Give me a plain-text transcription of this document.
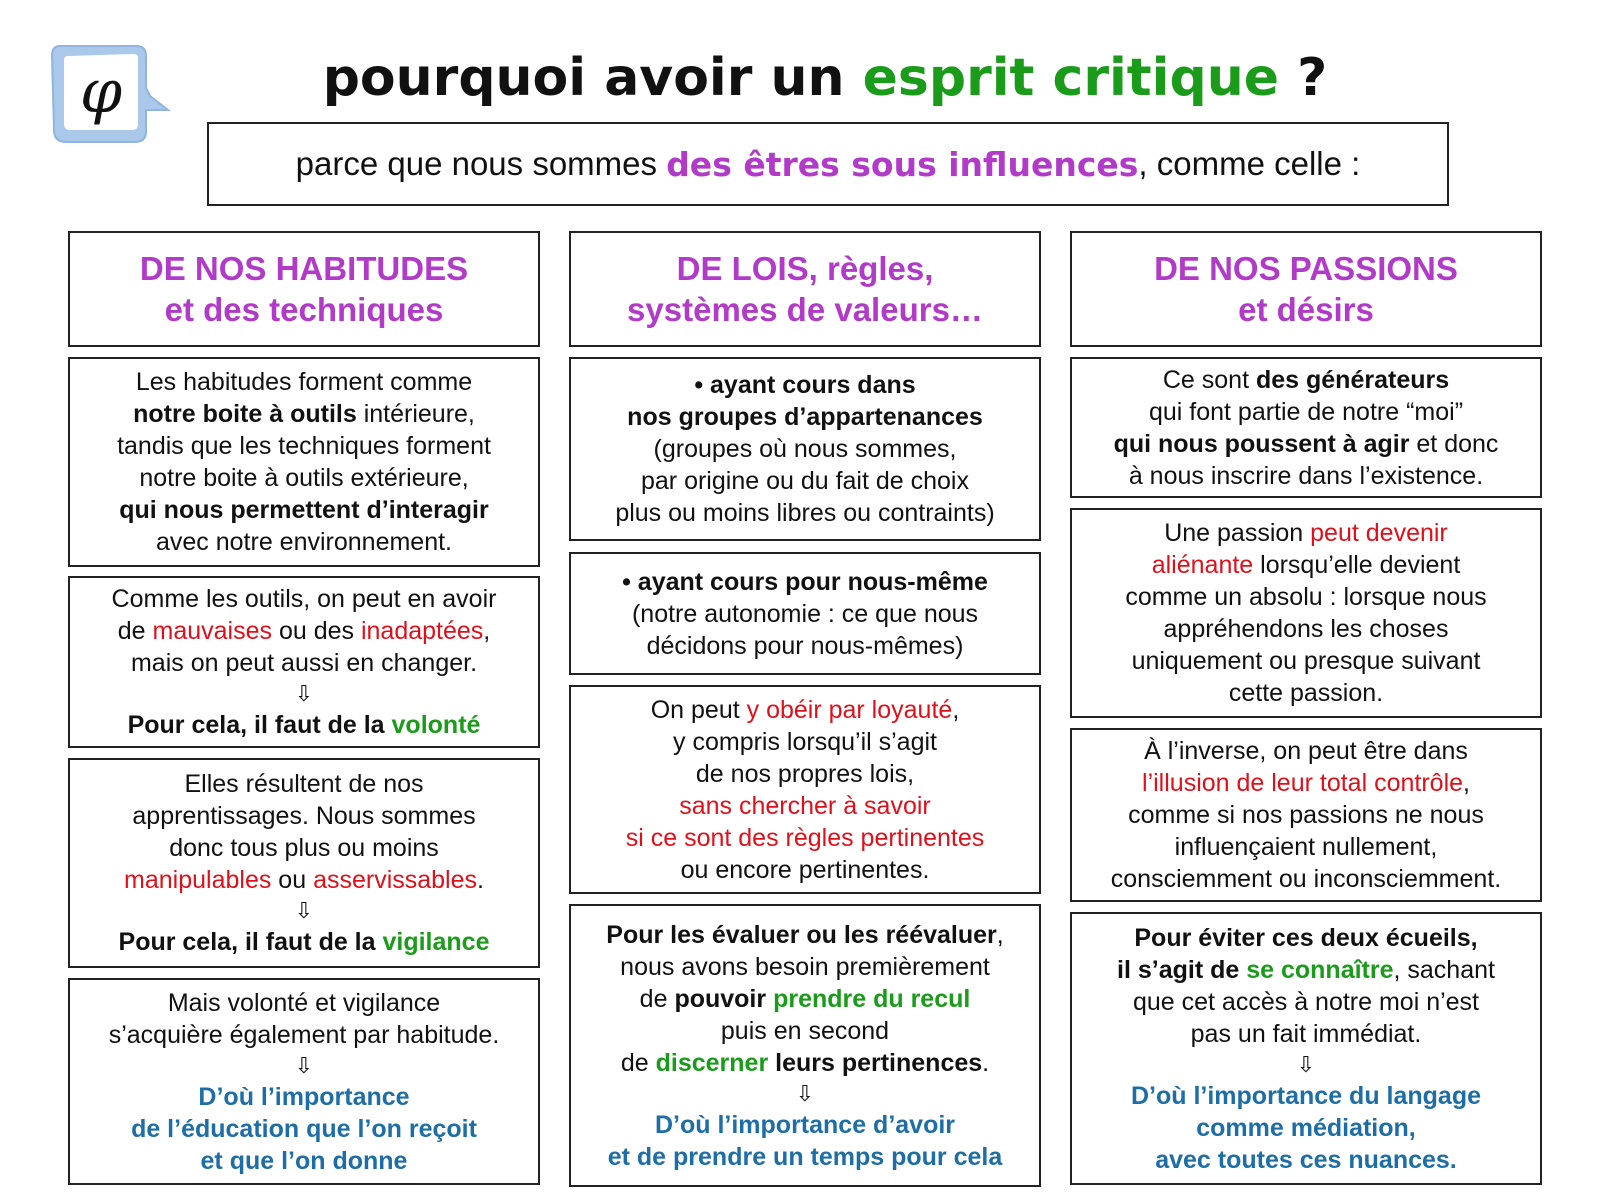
φ	pourquoi avoir un esprit critique ?
parce que nous sommes
des êtres sous influences , comme celle :

DE NOS HABITUDES

et des techniques

Les habitudes forment comme

notre boite à outils intérieure,

tandis que les techniques forment

notre boite à outils extérieure,

qui nous permettent d’interagir

avec notre environnement.

Comme les outils, on peut en avoir

de mauvaises ou des inadaptées,

mais on peut aussi en changer.

⇩

Pour cela, il faut de la volonté

Elles résultent de nos

apprentissages. Nous sommes

donc tous plus ou moins

manipulables ou asservissables.

⇩

Pour cela, il faut de la vigilance

Mais volonté et vigilance

s’acquière également par habitude.

⇩

D’où l’importance

de l’éducation que l’on reçoit

et que l’on donne

DE LOIS, règles,

systèmes de valeurs…

• ayant cours dans

nos groupes d’appartenances

(groupes où nous sommes,

par origine ou du fait de choix

plus ou moins libres ou contraints)

• ayant cours pour nous-même

(notre autonomie : ce que nous

décidons pour nous-mêmes)

On peut y obéir par loyauté,

y compris lorsqu’il s’agit

de nos propres lois,

sans chercher à savoir

si ce sont des règles pertinentes

ou encore pertinentes.

Pour les évaluer ou les réévaluer,

nous avons besoin premièrement

de pouvoir prendre du recul

puis en second

de discerner leurs pertinences.

⇩

D’où l’importance d’avoir

et de prendre un temps pour cela

DE NOS PASSIONS

et désirs

Ce sont des générateurs

qui font partie de notre “moi”

qui nous poussent à agir et donc

à nous inscrire dans l’existence.

Une passion peut devenir

aliénante lorsqu’elle devient

comme un absolu : lorsque nous

appréhendons les choses

uniquement ou presque suivant

cette passion.

À l’inverse, on peut être dans

l’illusion de leur total contrôle,

comme si nos passions ne nous

influençaient nullement,

consciemment ou inconsciemment.

Pour éviter ces deux écueils,

il s’agit de se connaître, sachant

que cet accès à notre moi n’est

pas un fait immédiat.

⇩

D’où l’importance du langage

comme médiation,

avec toutes ces nuances.
